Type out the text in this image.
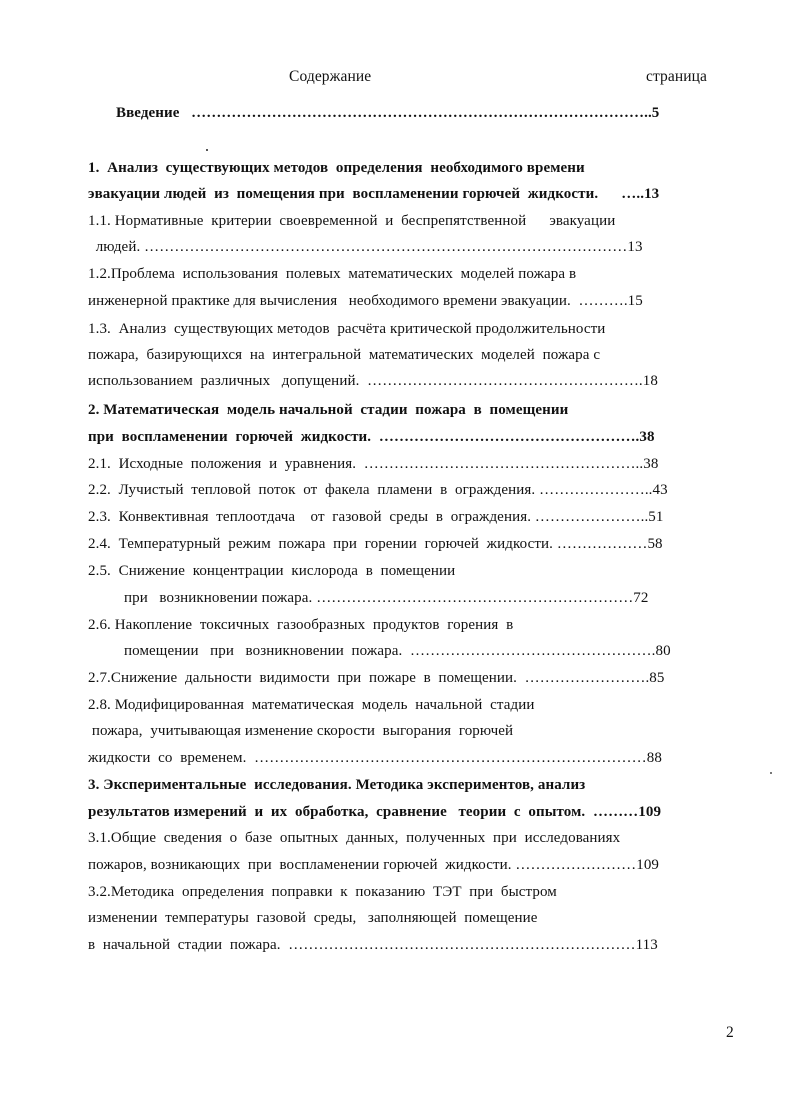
Содержание	страница
Введение   ………………………………………………………………………………..5
1.  Анализ  существующих методов  определения  необходимого времени
эвакуации людей  из  помещения при  воспламенении горючей  жидкости.      …..13
1.1. Нормативные  критерии  своевременной  и  беспрепятственной      эвакуации
людей. ……………………………………………………………………………………13
1.2.Проблема  использования  полевых  математических  моделей пожара в
инженерной практике для вычисления   необходимого времени эвакуации.  ……….15
1.3.  Анализ  существующих методов  расчёта критической продолжительности
пожара,  базирующихся  на  интегральной  математических  моделей  пожара с
использованием  различных   допущений.  ……………………………………………….18
2. Математическая  модель начальной  стадии  пожара  в  помещении
при  воспламенении  горючей  жидкости.  …………………………………………….38
2.1.  Исходные  положения  и  уравнения.  ………………………………………………..38
2.2.  Лучистый  тепловой  поток  от  факела  пламени  в  ограждения. …………………..43
2.3.  Конвективная  теплоотдача    от  газовой  среды  в  ограждения. …………………..51
2.4.  Температурный  режим  пожара  при  горении  горючей  жидкости. ………………58
2.5.  Снижение  концентрации  кислорода  в  помещении
при   возникновении пожара. ………………………………………………………72
2.6. Накопление  токсичных  газообразных  продуктов  горения  в
помещении   при   возникновении  пожара.  ………………………………………….80
2.7.Снижение  дальности  видимости  при  пожаре  в  помещении.  …………………….85
2.8. Модифицированная  математическая  модель  начальной  стадии
пожара,  учитывающая изменение скорости  выгорания  горючей
жидкости  со  временем.  ……………………………………………………………………88
3. Экспериментальные  исследования. Методика экспериментов, анализ
результатов измерений  и  их  обработка,  сравнение   теории  с  опытом.  ………109
3.1.Общие  сведения  о  базе  опытных  данных,  полученных  при  исследованиях
пожаров, возникающих  при  воспламенении горючей  жидкости. ……………………109
3.2.Методика  определения  поправки  к  показанию  ТЭТ  при  быстром
изменении  температуры  газовой  среды,   заполняющей  помещение
в  начальной  стадии  пожара.  ……………………………………………………………113
2
